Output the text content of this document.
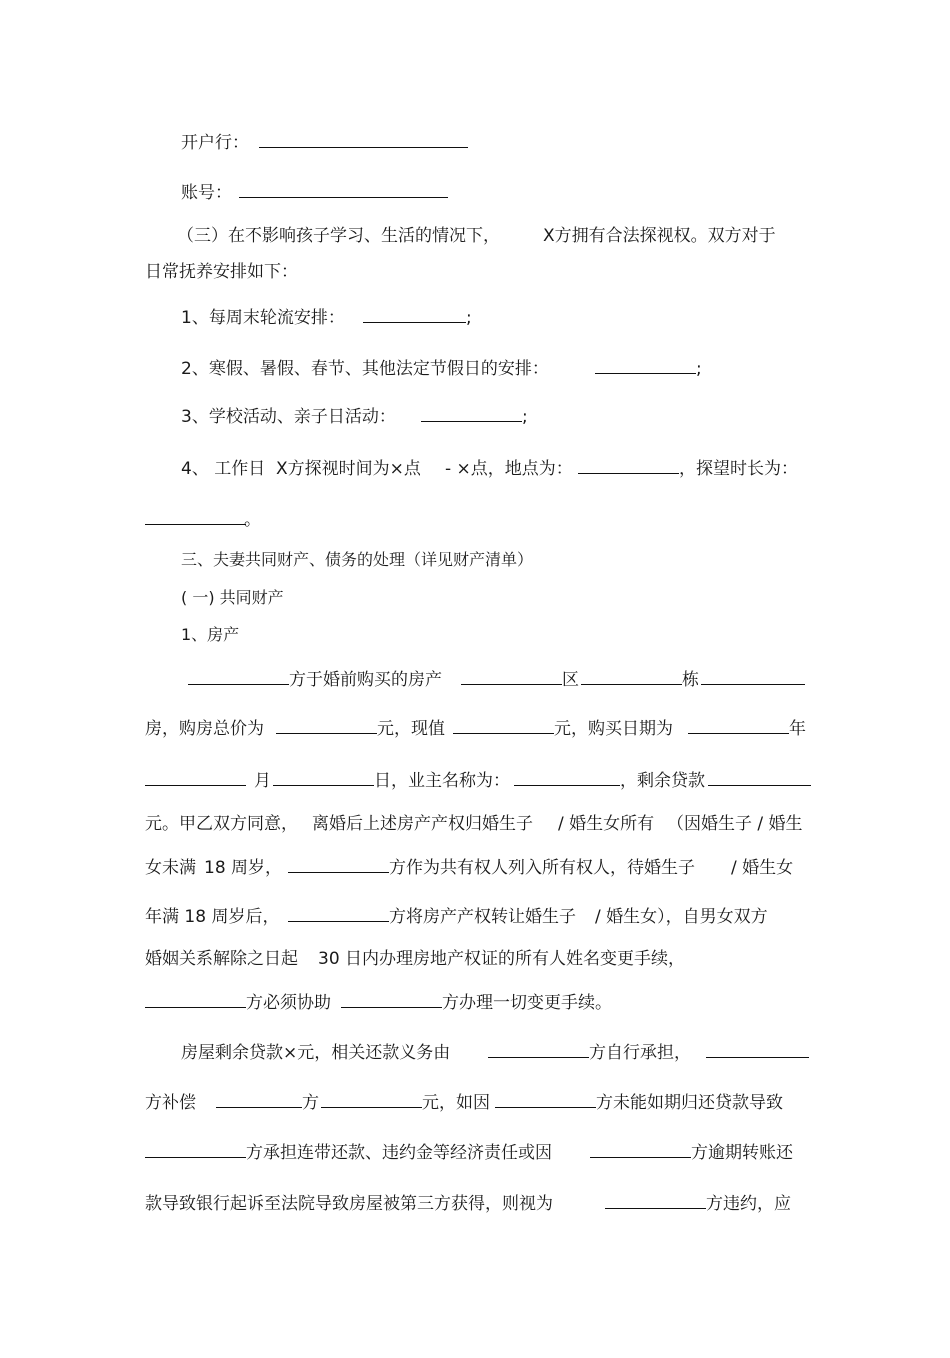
开户行：

账号：

（三）在不影响孩子学习、生活的情况下，

	X方拥有合法探视权。双方对于

日常抚养安排如下：

1、每周末轮流安排：

	;

2、寒假、暑假、春节、其他法定节假日的安排：

	;

3、学校活动、亲子日活动：

	;

4、 工作日

X方探视时间为×点

- ×点，地点为：

	，探望时长为：

。

三、夫妻共同财产、债务的处理（详见财产清单）

( 一) 共同财产

1、房产

方于婚前购买的房产

	区

	栋

房，购房总价为

	元，现值

	元，购买日期为

	年

月

	日，业主名称为：

	，剩余贷款

元。甲乙双方同意，

离婚后上述房产产权归婚生子

/ 婚生女所有

（因婚生子 / 婚生

女未满

18 周岁，

	方作为共有权人列入所有权人，待婚生子

/ 婚生女

年满 18 周岁后，

	方将房产产权转让婚生子

/ 婚生女），自男女双方

婚姻关系解除之日起

30 日内办理房地产权证的所有人姓名变更手续，

方必须协助

	方办理一切变更手续。

房屋剩余贷款×元，相关还款义务由

	方自行承担，

方补偿

	方

	元，如因

	方未能如期归还贷款导致

方承担连带还款、违约金等经济责任或因

	方逾期转账还

款导致银行起诉至法院导致房屋被第三方获得，则视为

	方违约，应
